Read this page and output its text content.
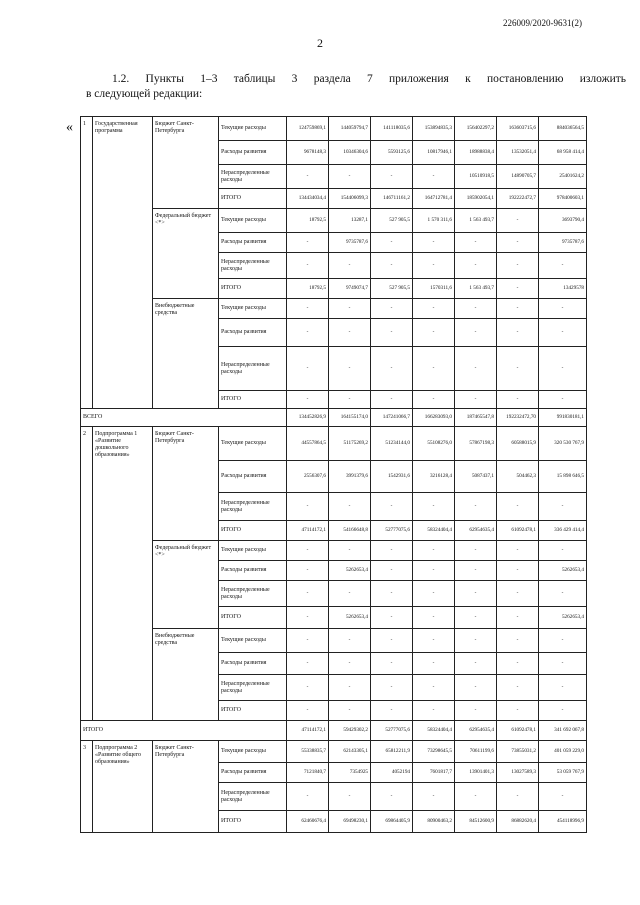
226009/2020-9631(2)
2
1.2. Пункты 1–3 таблицы 3 раздела 7 приложения к постановлению изложить
в следующей редакции:
« 1	Государственная программа	Бюджет Санкт-Петербурга	Текущие расходы	124759869,1	144059794,7	141118035,6	153894835,3	156402297,2	163603715,6	884036564,5
			Расходы развития	9678148,3	10346304,6	5593125,6	10817946,1	18988838,4	13532051,4	68 958 414,4
			Нераспределенные расходы	-	-	-	-	10510918,5	14890705,7	25401624,2
			ИТОГО	134434034,4	154406099,3	146711161,2	164712781,4	185902054,1	192222472,7	978400603,1
		Федеральный бюджет <*>	Текущие расходы	18792,5	13287,1	527 905,5	1 570 311,6	1 563 493,7	-	3693790,4
			Расходы развития	-	9735787,6	-	-	-	-	9735787,6
			Нераспределенные расходы	-	-	-	-	-	-	-
			ИТОГО	18792,5	9749074,7	527 905,5	1570311,6	1 563 493,7	-	13429578
		Внебюджетные средства	Текущие расходы	-	-	-	-	-	-	-
			Расходы развития	-	-	-	-	-	-	-
			Нераспределенные расходы	-	-	-	-	-	-	-
			ИТОГО	-	-	-	-	-	-	-
ВСЕГО				134452826,9	164155174,0	147241066,7	166283093,0	187465547,8	192232472,70	991830181,1
2	Подпрограмма 1 «Развитие дошкольного образования»	Бюджет Санкт-Петербурга	Текущие расходы	44557864,5	51175269,2	51234144,0	55108276,0	57867198,3	60588015,9	320 530 767,9
			Расходы развития	2556307,6	3991379,6	1542931,6	3216128,4	5087437,1	504462,3	15 898 646,5
			Нераспределенные расходы	-	-	-	-	-	-	-
			ИТОГО	47114172,1	54166648,8	52777075,6	58324404,4	62954635,4	61092478,1	336 429 414,4
		Федеральный бюджет <*>	Текущие расходы	-	-	-	-	-	-	-
			Расходы развития	-	5262653,4	-	-	-	-	5262653,4
			Нераспределенные расходы	-	-	-	-	-	-	-
			ИТОГО	-	5262653,4	-	-	-	-	5262653,4
		Внебюджетные средства	Текущие расходы	-	-	-	-	-	-	-
			Расходы развития	-	-	-	-	-	-	-
			Нераспределенные расходы	-	-	-	-	-	-	-
			ИТОГО	-	-	-	-	-	-	-
ИТОГО				47114172,1	59429302,2	52777075,6	58324404,4	62954635,4	61092478,1	341 692 067,8
3	Подпрограмма 2 «Развитие общего образования»	Бюджет Санкт-Петербурга	Текущие расходы	55338835,7	62143305,1	65812211,9	73298645,5	70611199,6	73855031,2	401 059 229,0
			Расходы развития	7121840,7	7354925	4052194	7601817,7	13901401,3	13027589,3	53 059 767,9
			Нераспределенные расходы	-	-	-	-	-	-	-
			ИТОГО	62460676,4	69498230,1	69864405,9	80900463,2	84512600,9	86882620,4	454118996,9
